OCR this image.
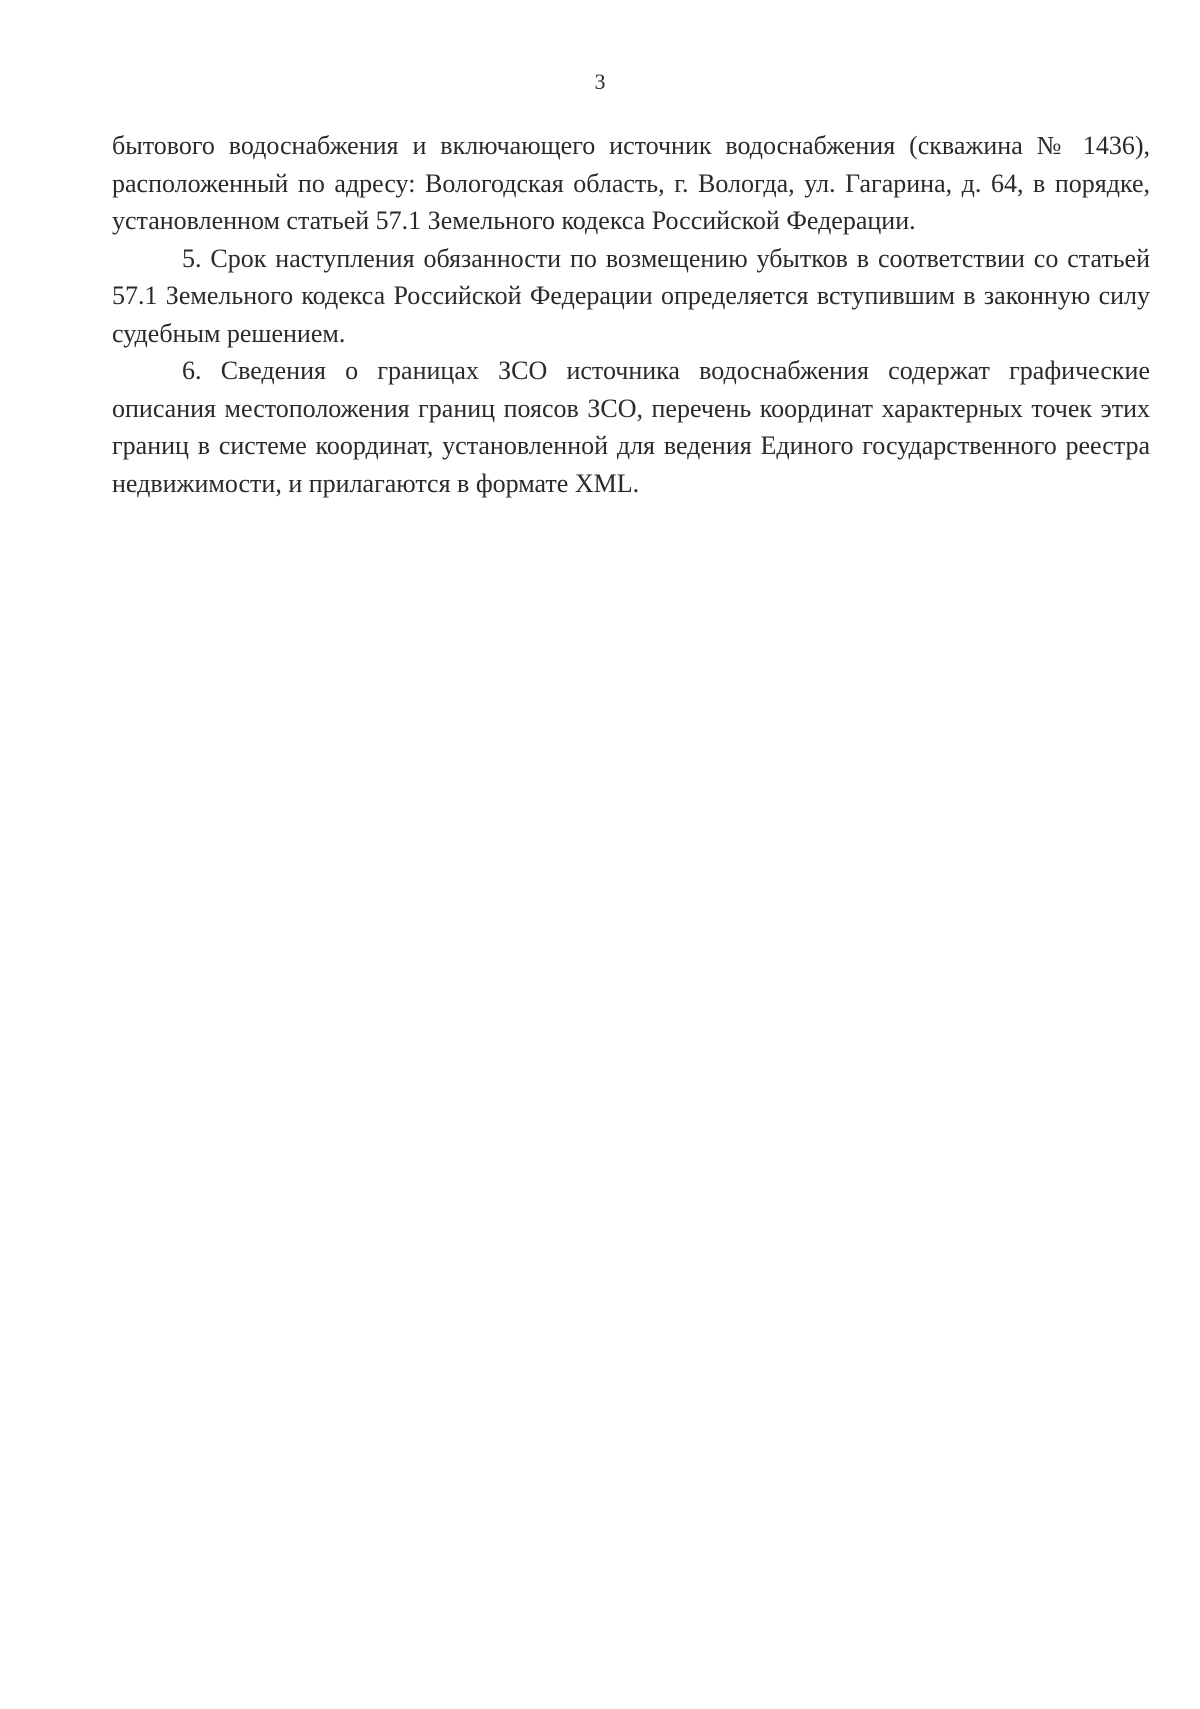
3

бытового водоснабжения и включающего источник водоснабжения (скважина № 1436), расположенный по адресу: Вологодская область, г. Вологда, ул. Гагарина, д. 64, в порядке, установленном статьей 57.1 Земельного кодекса Российской Федерации.

5. Срок наступления обязанности по возмещению убытков в соответствии со статьей 57.1 Земельного кодекса Российской Федерации определяется вступившим в законную силу судебным решением.

6. Сведения о границах ЗСО источника водоснабжения содержат графические описания местоположения границ поясов ЗСО, перечень координат характерных точек этих границ в системе координат, установленной для ведения Единого государственного реестра недвижимости, и прилагаются в формате XML.
